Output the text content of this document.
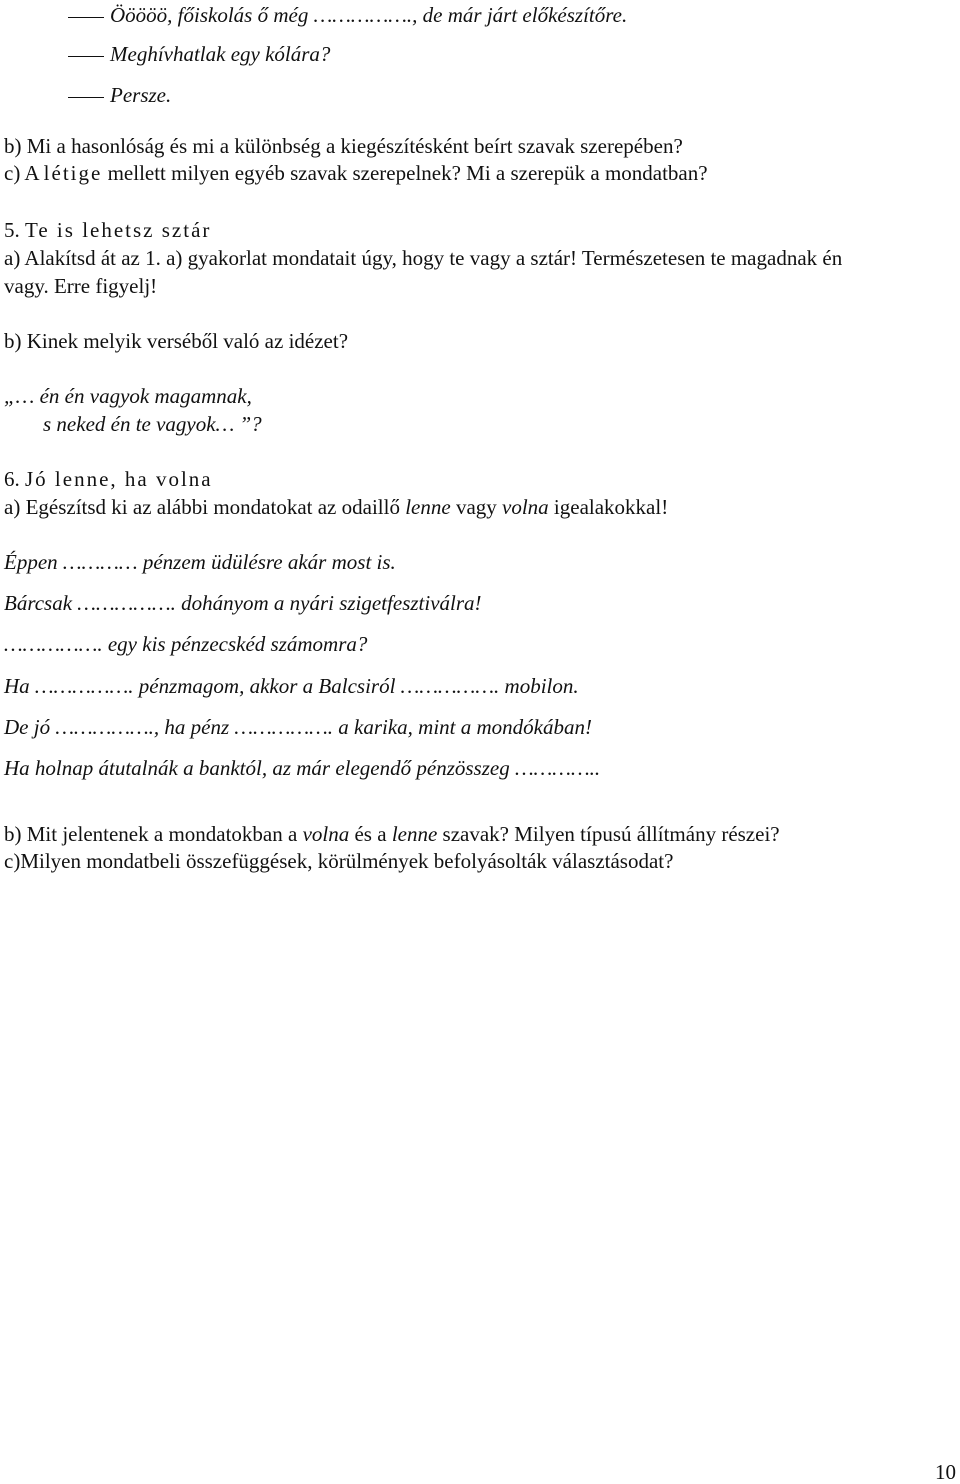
Ööööö, főiskolás ő még ……………., de már járt előkészítőre.
Meghívhatlak egy kólára?
Persze.
b) Mi a hasonlóság és mi a különbség a kiegészítésként beírt szavak szerepében?
c) A létige mellett milyen egyéb szavak szerepelnek? Mi a szerepük a mondatban?
5. Te is lehetsz sztár
a) Alakítsd át az 1. a) gyakorlat mondatait úgy, hogy te vagy a sztár! Természetesen te magadnak én
vagy. Erre figyelj!
b) Kinek melyik verséből való az idézet?
„… én én vagyok magamnak,
s neked én te vagyok… ”?
6. Jó lenne, ha volna
a) Egészítsd ki az alábbi mondatokat az odaillő lenne vagy volna igealakokkal!
Éppen ………… pénzem üdülésre akár most is.
Bárcsak ……………. dohányom a nyári szigetfesztiválra!
……………. egy kis pénzecskéd számomra?
Ha ……………. pénzmagom, akkor a Balcsiról ……………. mobilon.
De jó ……………., ha pénz ……………. a karika, mint a mondókában!
Ha holnap átutalnák a banktól, az már elegendő pénzösszeg …………..
b) Mit jelentenek a mondatokban a volna és a lenne szavak? Milyen típusú állítmány részei?
c)Milyen mondatbeli összefüggések, körülmények befolyásolták választásodat?
10
